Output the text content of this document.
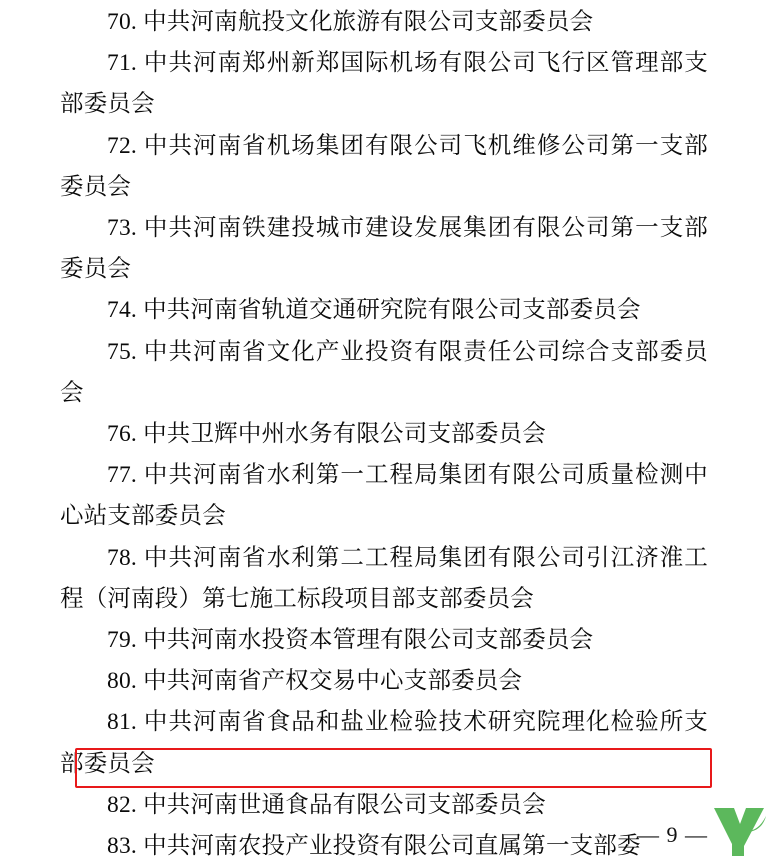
70. 中共河南航投文化旅游有限公司支部委员会

71. 中共河南郑州新郑国际机场有限公司飞行区管理部支部委员会

72. 中共河南省机场集团有限公司飞机维修公司第一支部委员会

73. 中共河南铁建投城市建设发展集团有限公司第一支部委员会

74. 中共河南省轨道交通研究院有限公司支部委员会

75. 中共河南省文化产业投资有限责任公司综合支部委员会

76. 中共卫辉中州水务有限公司支部委员会

77. 中共河南省水利第一工程局集团有限公司质量检测中心站支部委员会

78. 中共河南省水利第二工程局集团有限公司引江济淮工程（河南段）第七施工标段项目部支部委员会

79. 中共河南水投资本管理有限公司支部委员会

80. 中共河南省产权交易中心支部委员会

81. 中共河南省食品和盐业检验技术研究院理化检验所支部委员会

82. 中共河南世通食品有限公司支部委员会

83. 中共河南农投产业投资有限公司直属第一支部委

— 9 —
